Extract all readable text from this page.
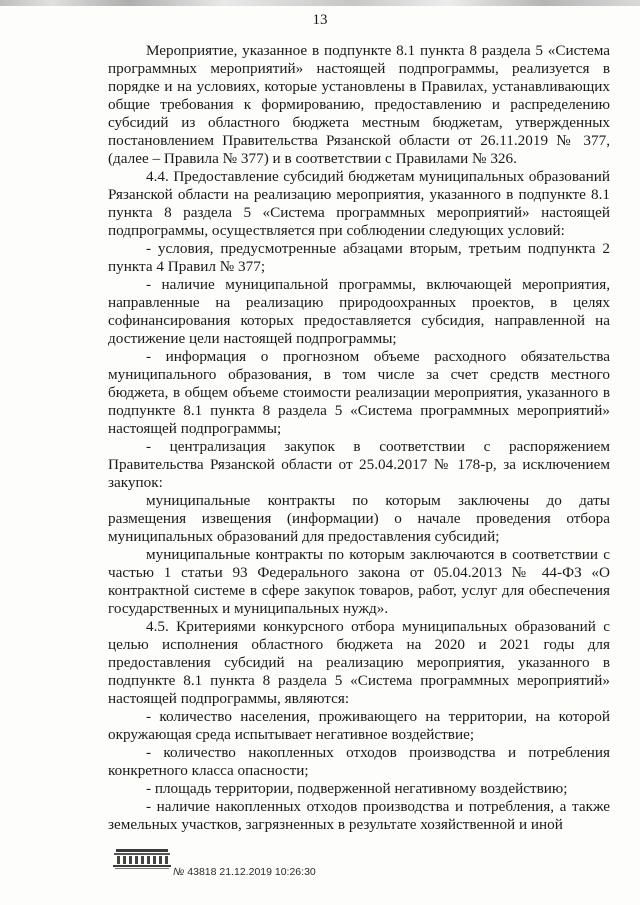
13

Мероприятие, указанное в подпункте 8.1 пункта 8 раздела 5 «Система программных мероприятий» настоящей подпрограммы, реализуется в порядке и на условиях, которые установлены в Правилах, устанавливающих общие требования к формированию, предоставлению и распределению субсидий из областного бюджета местным бюджетам, утвержденных постановлением Правительства Рязанской области от 26.11.2019 № 377, (далее – Правила № 377) и в соответствии с Правилами № 326.

4.4. Предоставление субсидий бюджетам муниципальных образований Рязанской области на реализацию мероприятия, указанного в подпункте 8.1 пункта 8 раздела 5 «Система программных мероприятий» настоящей подпрограммы, осуществляется при соблюдении следующих условий:

- условия, предусмотренные абзацами вторым, третьим подпункта 2 пункта 4 Правил № 377;

- наличие муниципальной программы, включающей мероприятия, направленные на реализацию природоохранных проектов, в целях софинансирования которых предоставляется субсидия, направленной на достижение цели настоящей подпрограммы;

- информация о прогнозном объеме расходного обязательства муниципального образования, в том числе за счет средств местного бюджета, в общем объеме стоимости реализации мероприятия, указанного в подпункте 8.1 пункта 8 раздела 5 «Система программных мероприятий» настоящей подпрограммы;

- централизация закупок в соответствии с распоряжением Правительства Рязанской области от 25.04.2017 № 178-р, за исключением закупок:

муниципальные контракты по которым заключены до даты размещения извещения (информации) о начале проведения отбора муниципальных образований для предоставления субсидий;

муниципальные контракты по которым заключаются в соответствии с частью 1 статьи 93 Федерального закона от 05.04.2013 № 44-ФЗ «О контрактной системе в сфере закупок товаров, работ, услуг для обеспечения государственных и муниципальных нужд».

4.5. Критериями конкурсного отбора муниципальных образований с целью исполнения областного бюджета на 2020 и 2021 годы для предоставления субсидий на реализацию мероприятия, указанного в подпункте 8.1 пункта 8 раздела 5 «Система программных мероприятий» настоящей подпрограммы, являются:

- количество населения, проживающего на территории, на которой окружающая среда испытывает негативное воздействие;

- количество накопленных отходов производства и потребления конкретного класса опасности;

- площадь территории, подверженной негативному воздействию;

- наличие накопленных отходов производства и потребления, а также земельных участков, загрязненных в результате хозяйственной и иной

№ 43818 21.12.2019 10:26:30
